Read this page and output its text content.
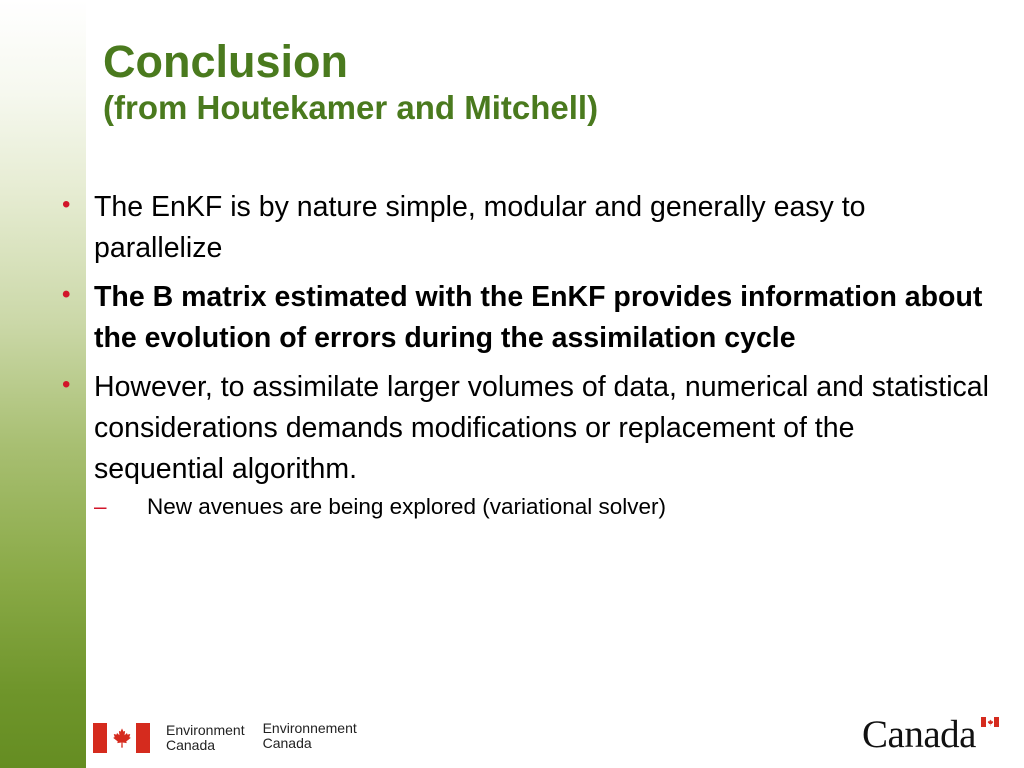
Conclusion
(from Houtekamer and Mitchell)
• The EnKF is by nature simple, modular and generally easy to parallelize
• The B matrix estimated with the EnKF provides information about the evolution of errors during the assimilation cycle
• However, to assimilate larger volumes of data, numerical and statistical considerations demands modifications or replacement of the sequential algorithm.
– New avenues are being explored (variational solver)
Environment
Canada
Environnement
Canada	Canada
